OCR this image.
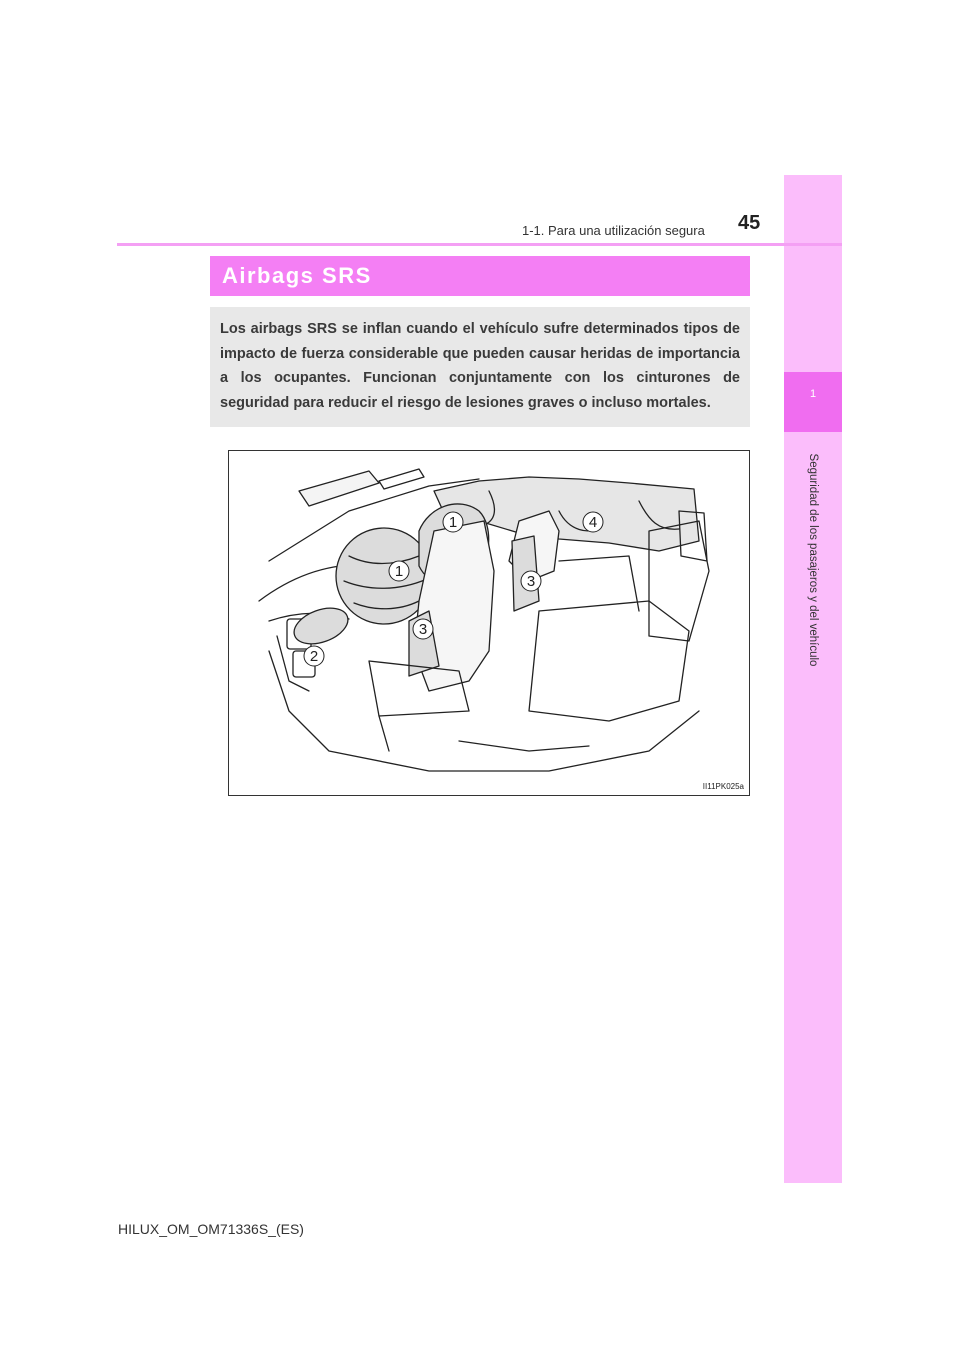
1
Seguridad de los pasajeros y del vehículo
1-1. Para una utilización segura 45
Airbags SRS
Los airbags SRS se inflan cuando el vehículo sufre determinados tipos de impacto de fuerza considerable que pueden causar heridas de importancia a los ocupantes. Funcionan conjuntamente con los cinturones de seguridad para reducir el riesgo de lesiones graves o incluso mortales.
1
1
2
3
3
4
II11PK025a
HILUX_OM_OM71336S_(ES)
